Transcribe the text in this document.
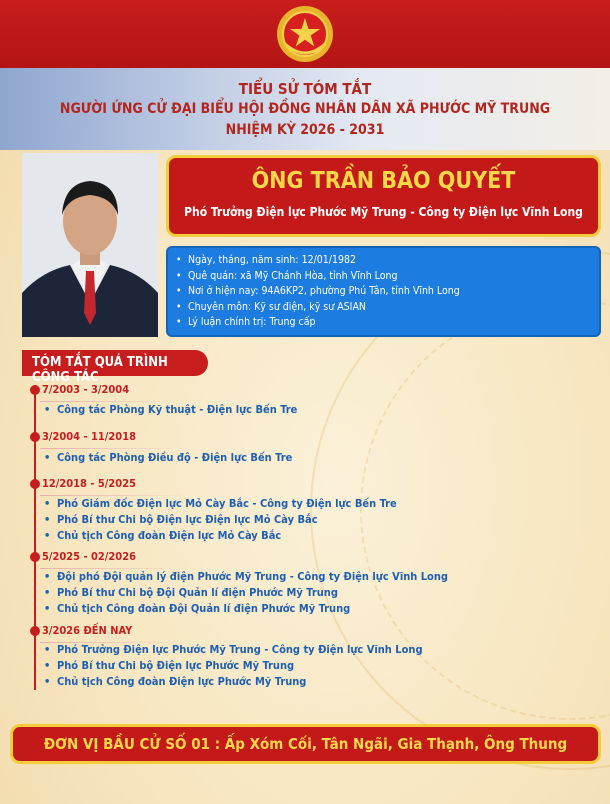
TIỂU SỬ TÓM TẮT
NGƯỜI ỨNG CỬ ĐẠI BIỂU HỘI ĐỒNG NHÂN DÂN XÃ PHƯỚC MỸ TRUNG
NHIỆM KỲ 2026 - 2031
ÔNG TRẦN BẢO QUYẾT
Phó Trưởng Điện lực Phước Mỹ Trung - Công ty Điện lực Vĩnh Long
• Ngày, tháng, năm sinh: 12/01/1982
• Quê quán: xã Mỹ Chánh Hòa, tỉnh Vĩnh Long
• Nơi ở hiện nay: 94A6KP2, phường Phú Tân, tỉnh Vĩnh Long
• Chuyên môn: Kỹ sư điện, kỹ sư ASIAN
• Lý luận chính trị: Trung cấp
TÓM TẮT QUÁ TRÌNH CÔNG TÁC
7/2003 - 3/2004
• Công tác Phòng Kỹ thuật - Điện lực Bến Tre
3/2004 - 11/2018
• Công tác Phòng Điều độ - Điện lực Bến Tre
12/2018 - 5/2025
• Phó Giám đốc Điện lực Mỏ Cày Bắc - Công ty Điện lực Bến Tre
• Phó Bí thư Chi bộ Điện lực Điện lực Mỏ Cày Bắc
• Chủ tịch Công đoàn Điện lực Mỏ Cày Bắc
5/2025 - 02/2026
• Đội phó Đội quản lý điện Phước Mỹ Trung - Công ty Điện lực Vĩnh Long
• Phó Bí thư Chi bộ Đội Quản lí điện Phước Mỹ Trung
• Chủ tịch Công đoàn Đội Quản lí điện Phước Mỹ Trung
3/2026 ĐẾN NAY
• Phó Trưởng Điện lực Phước Mỹ Trung - Công ty Điện lực Vĩnh Long
• Phó Bí thư Chi bộ Điện lực Phước Mỹ Trung
• Chủ tịch Công đoàn Điện lực Phước Mỹ Trung
ĐƠN VỊ BẦU CỬ SỐ 01 : Ấp Xóm Cối, Tân Ngãi, Gia Thạnh, Ông Thung
